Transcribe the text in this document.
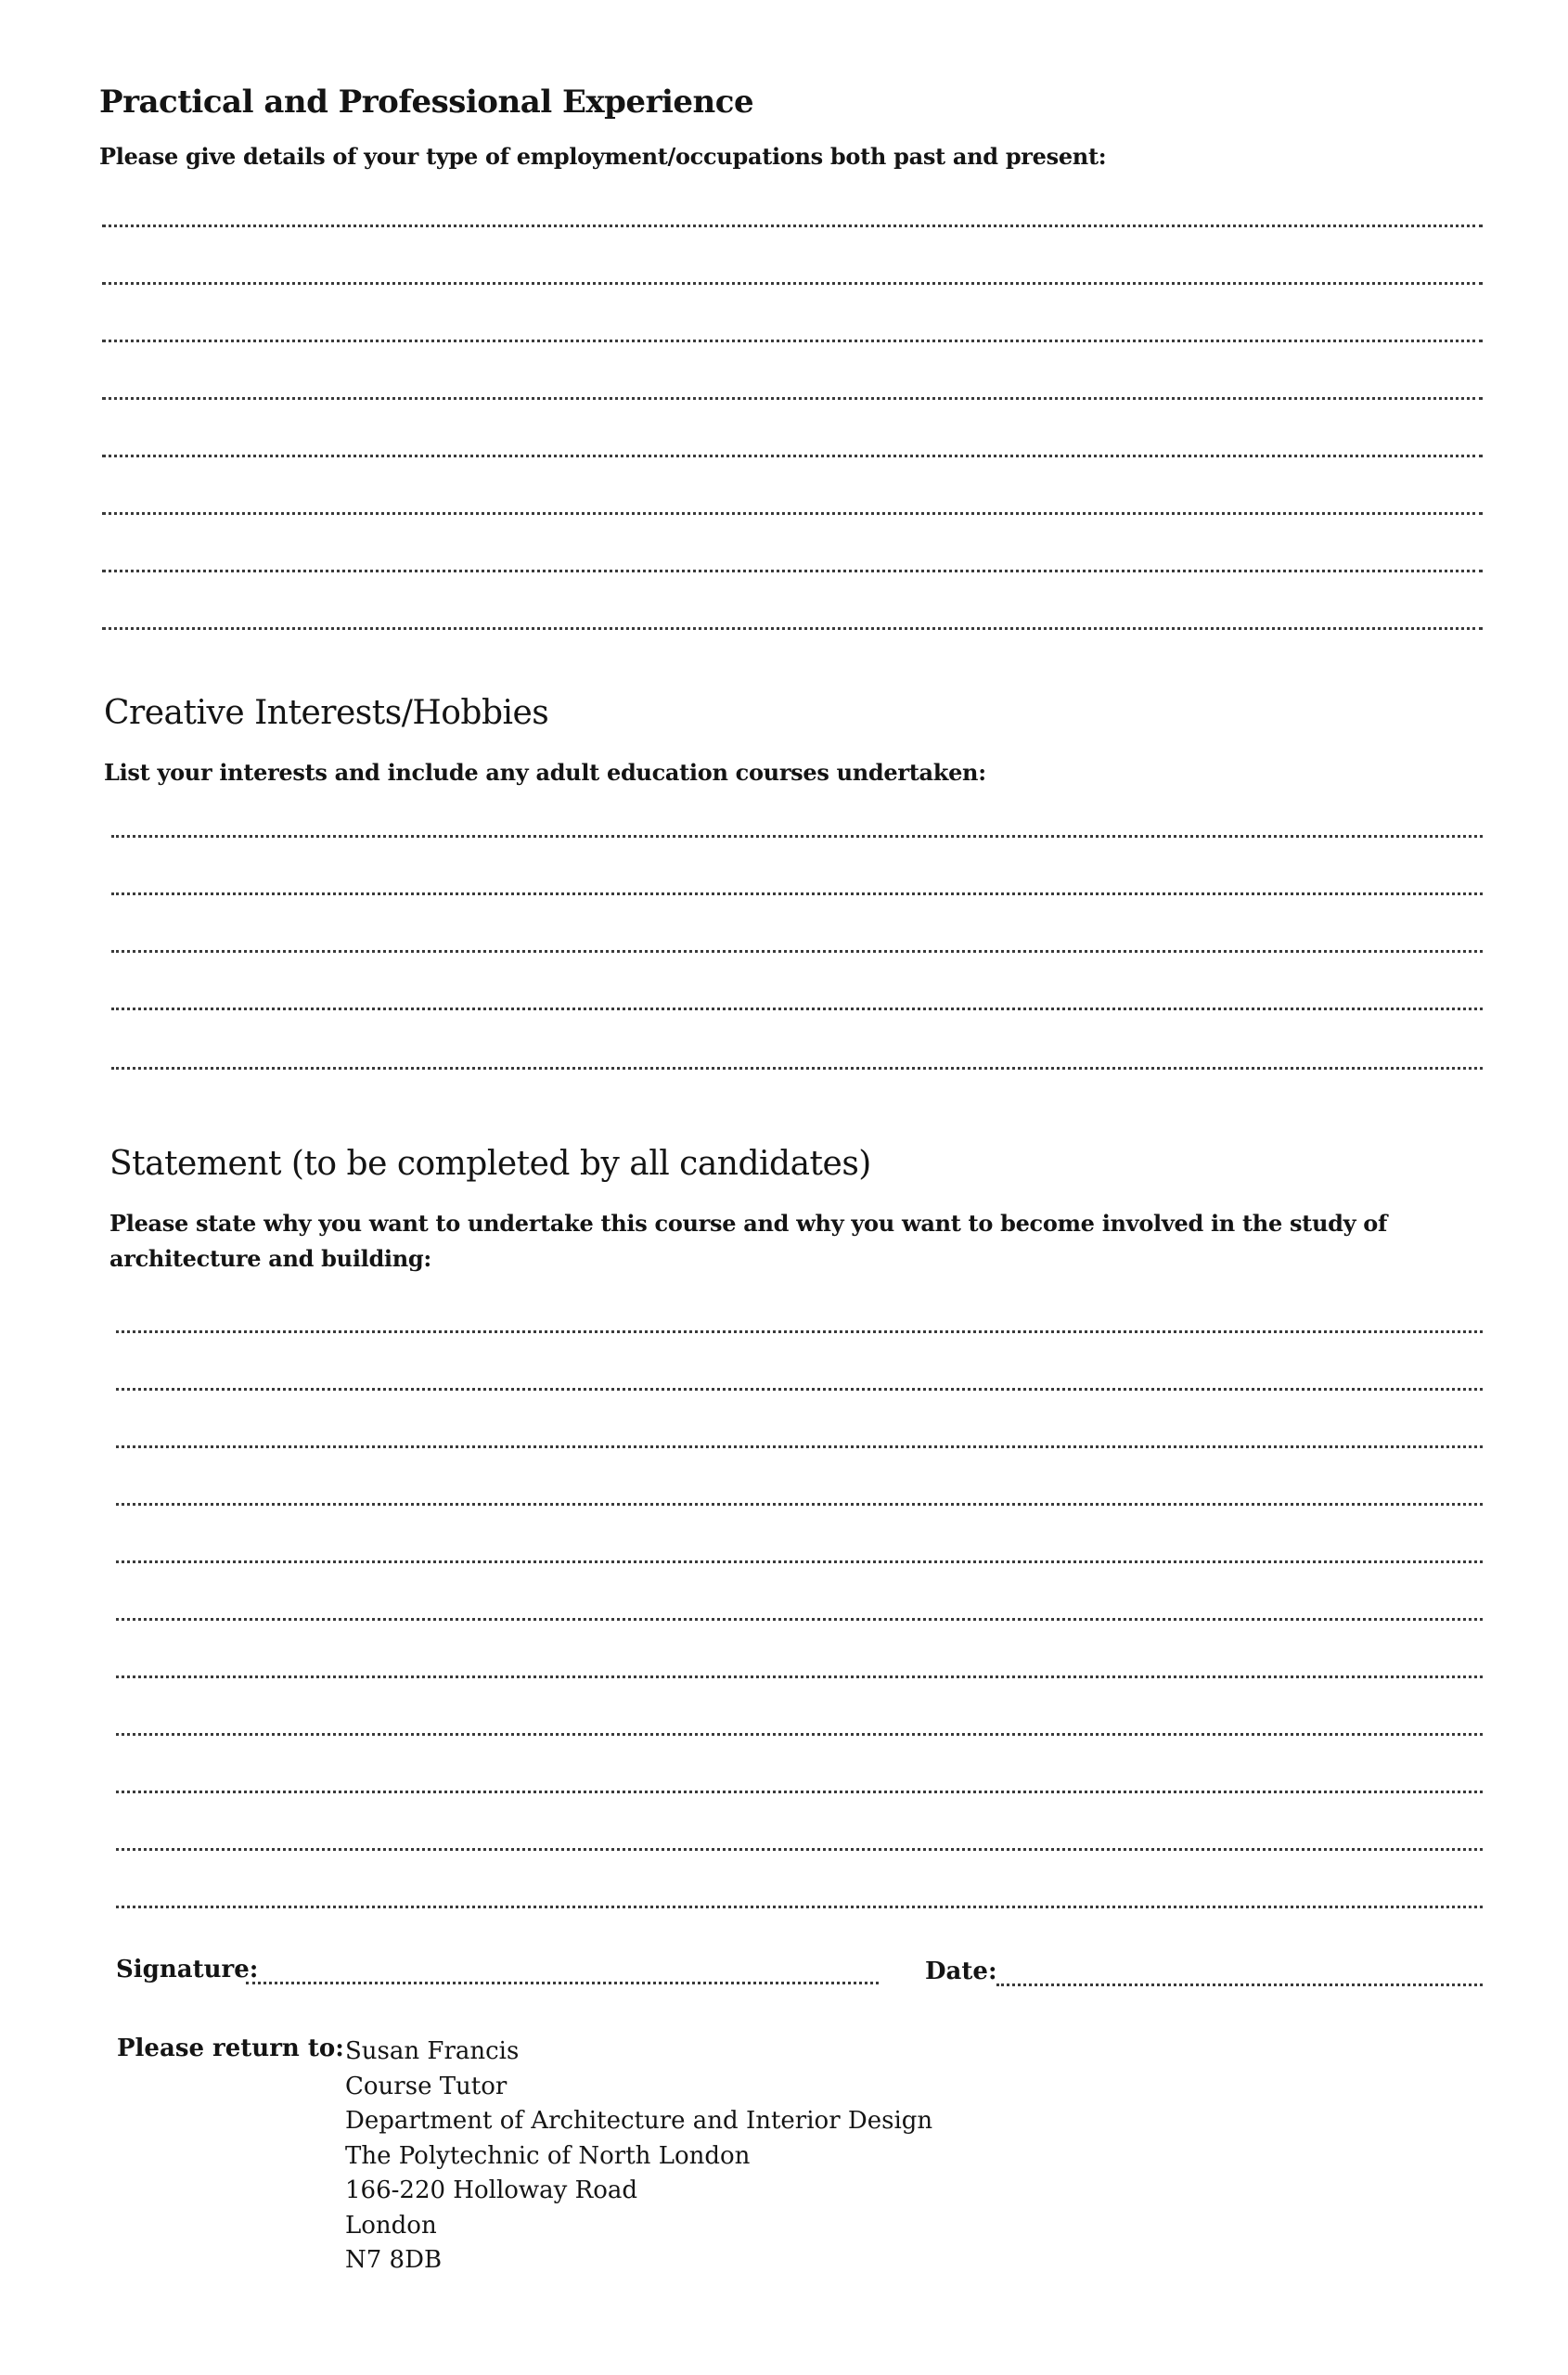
Practical and Professional Experience
Please give details of your type of employment/occupations both past and present:
Creative Interests/Hobbies
List your interests and include any adult education courses undertaken:
Statement (to be completed by all candidates)
Please state why you want to undertake this course and why you want to become involved in the study of architecture and building:
Signature:	Date:
Please return to: Susan Francis
Course Tutor
Department of Architecture and Interior Design
The Polytechnic of North London
166-220 Holloway Road
London
N7 8DB
